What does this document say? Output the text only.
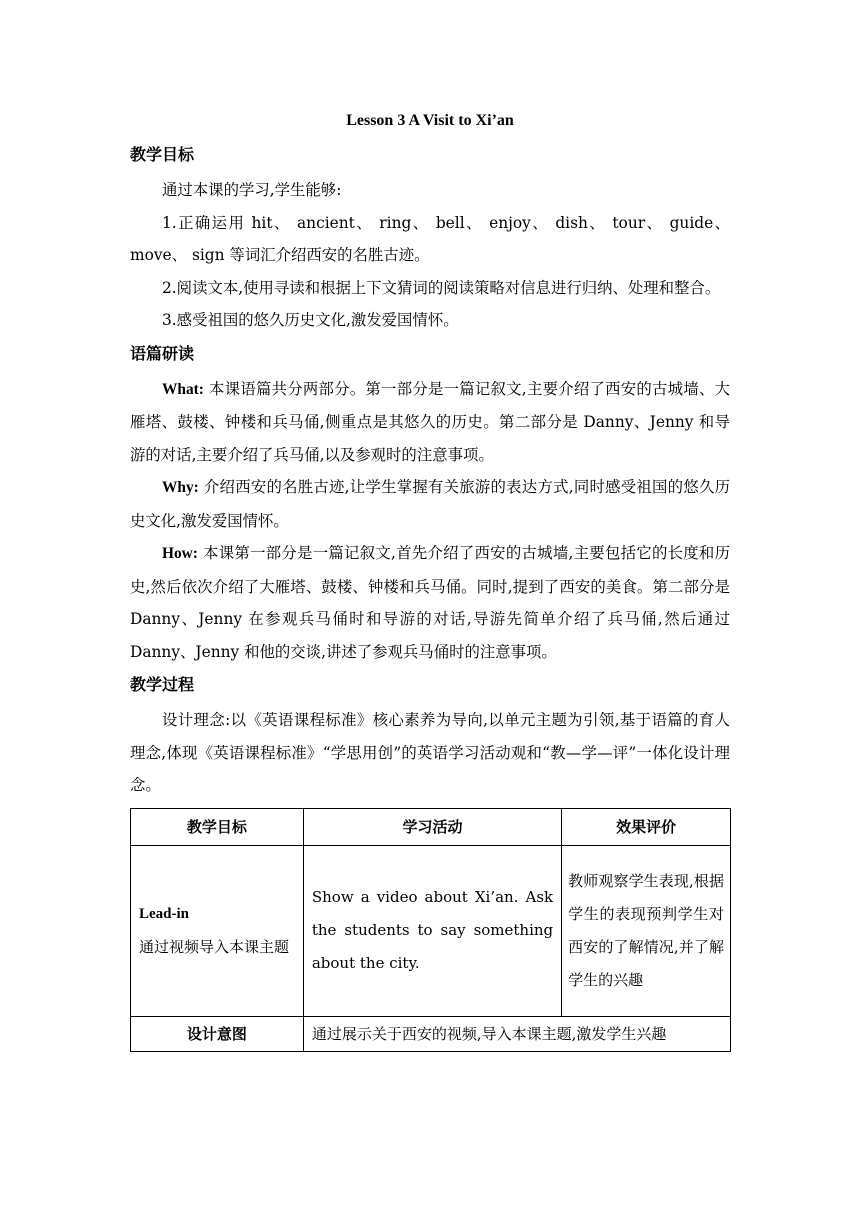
Lesson 3 A Visit to Xi’an
教学目标

通过本课的学习,学生能够:

1.正确运用 hit、 ancient、 ring、 bell、 enjoy、 dish、 tour、 guide、 move、 sign 等词汇介绍西安的名胜古迹。

2.阅读文本,使用寻读和根据上下文猜词的阅读策略对信息进行归纳、处理和整合。

3.感受祖国的悠久历史文化,激发爱国情怀。

语篇研读

What: 本课语篇共分两部分。第一部分是一篇记叙文,主要介绍了西安的古城墙、大雁塔、鼓楼、钟楼和兵马俑,侧重点是其悠久的历史。第二部分是 Danny、Jenny 和导游的对话,主要介绍了兵马俑,以及参观时的注意事项。

Why: 介绍西安的名胜古迹,让学生掌握有关旅游的表达方式,同时感受祖国的悠久历史文化,激发爱国情怀。

How: 本课第一部分是一篇记叙文,首先介绍了西安的古城墙,主要包括它的长度和历史,然后依次介绍了大雁塔、鼓楼、钟楼和兵马俑。同时,提到了西安的美食。第二部分是 Danny、Jenny 在参观兵马俑时和导游的对话,导游先简单介绍了兵马俑,然后通过 Danny、Jenny 和他的交谈,讲述了参观兵马俑时的注意事项。

教学过程

设计理念:以《英语课程标准》核心素养为导向,以单元主题为引领,基于语篇的育人理念,体现《英语课程标准》“学思用创”的英语学习活动观和“教—学—评”一体化设计理念。

教学目标	学习活动	效果评价

Lead-in
通过视频导入本课主题	Show a video about Xi’an. Ask the students to say something about the city.	教师观察学生表现,根据学生的表现预判学生对西安的了解情况,并了解学生的兴趣
设计意图	通过展示关于西安的视频,导入本课主题,激发学生兴趣	
